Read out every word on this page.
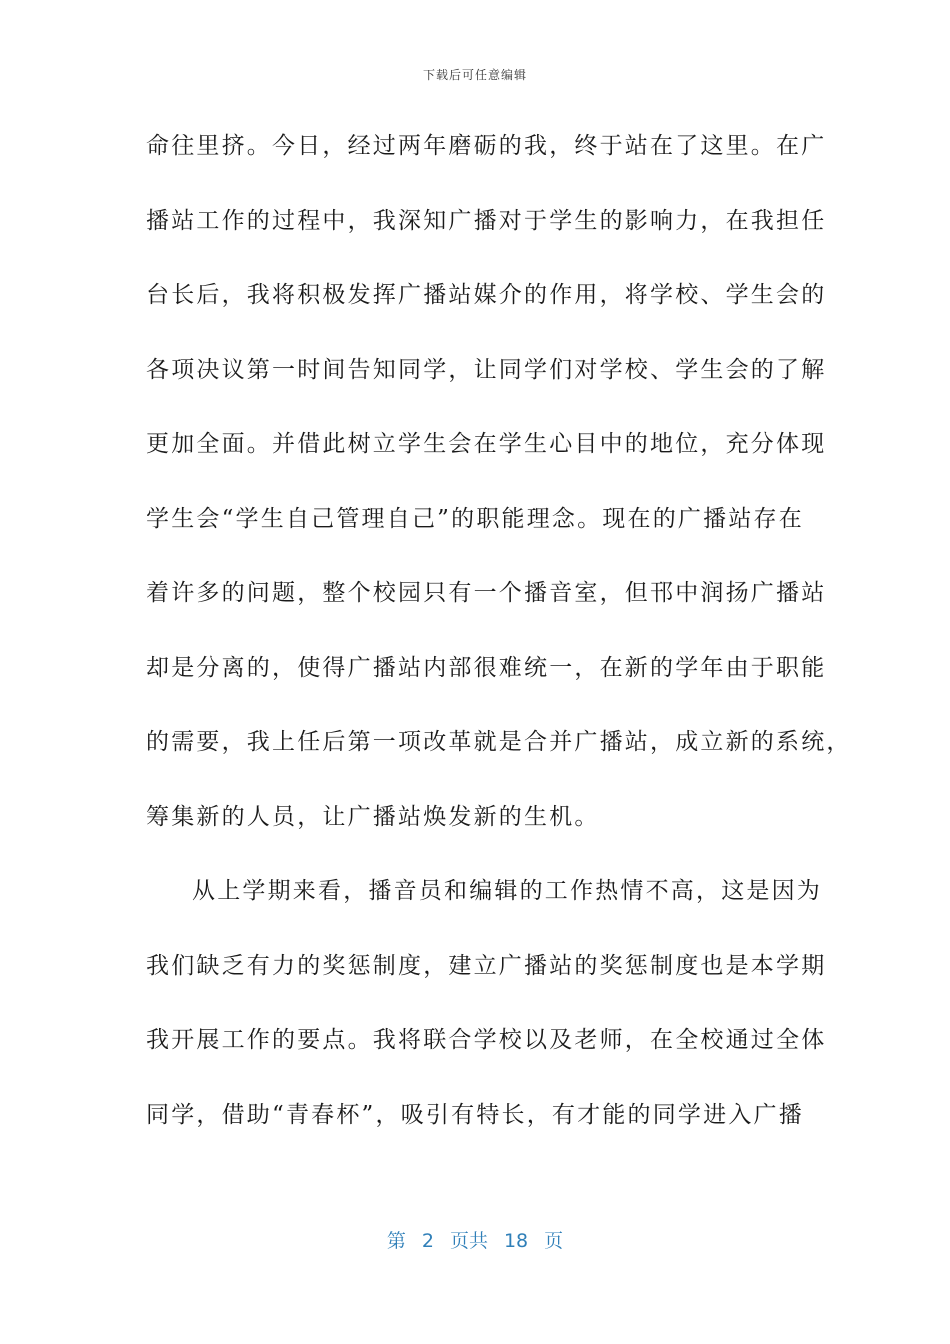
下载后可任意编辑
命往里挤。今日，经过两年磨砺的我，终于站在了这里。在广
播站工作的过程中，我深知广播对于学生的影响力，在我担任
台长后，我将积极发挥广播站媒介的作用，将学校、学生会的
各项决议第一时间告知同学，让同学们对学校、学生会的了解
更加全面。并借此树立学生会在学生心目中的地位，充分体现
学生会“学生自己管理自己”的职能理念。现在的广播站存在
着许多的问题，整个校园只有一个播音室，但邗中润扬广播站
却是分离的，使得广播站内部很难统一，在新的学年由于职能
的需要，我上任后第一项改革就是合并广播站，成立新的系统，
筹集新的人员，让广播站焕发新的生机。
从上学期来看，播音员和编辑的工作热情不高，这是因为
我们缺乏有力的奖惩制度，建立广播站的奖惩制度也是本学期
我开展工作的要点。我将联合学校以及老师，在全校通过全体
同学，借助“青春杯”，吸引有特长，有才能的同学进入广播
第 2 页共 18 页
